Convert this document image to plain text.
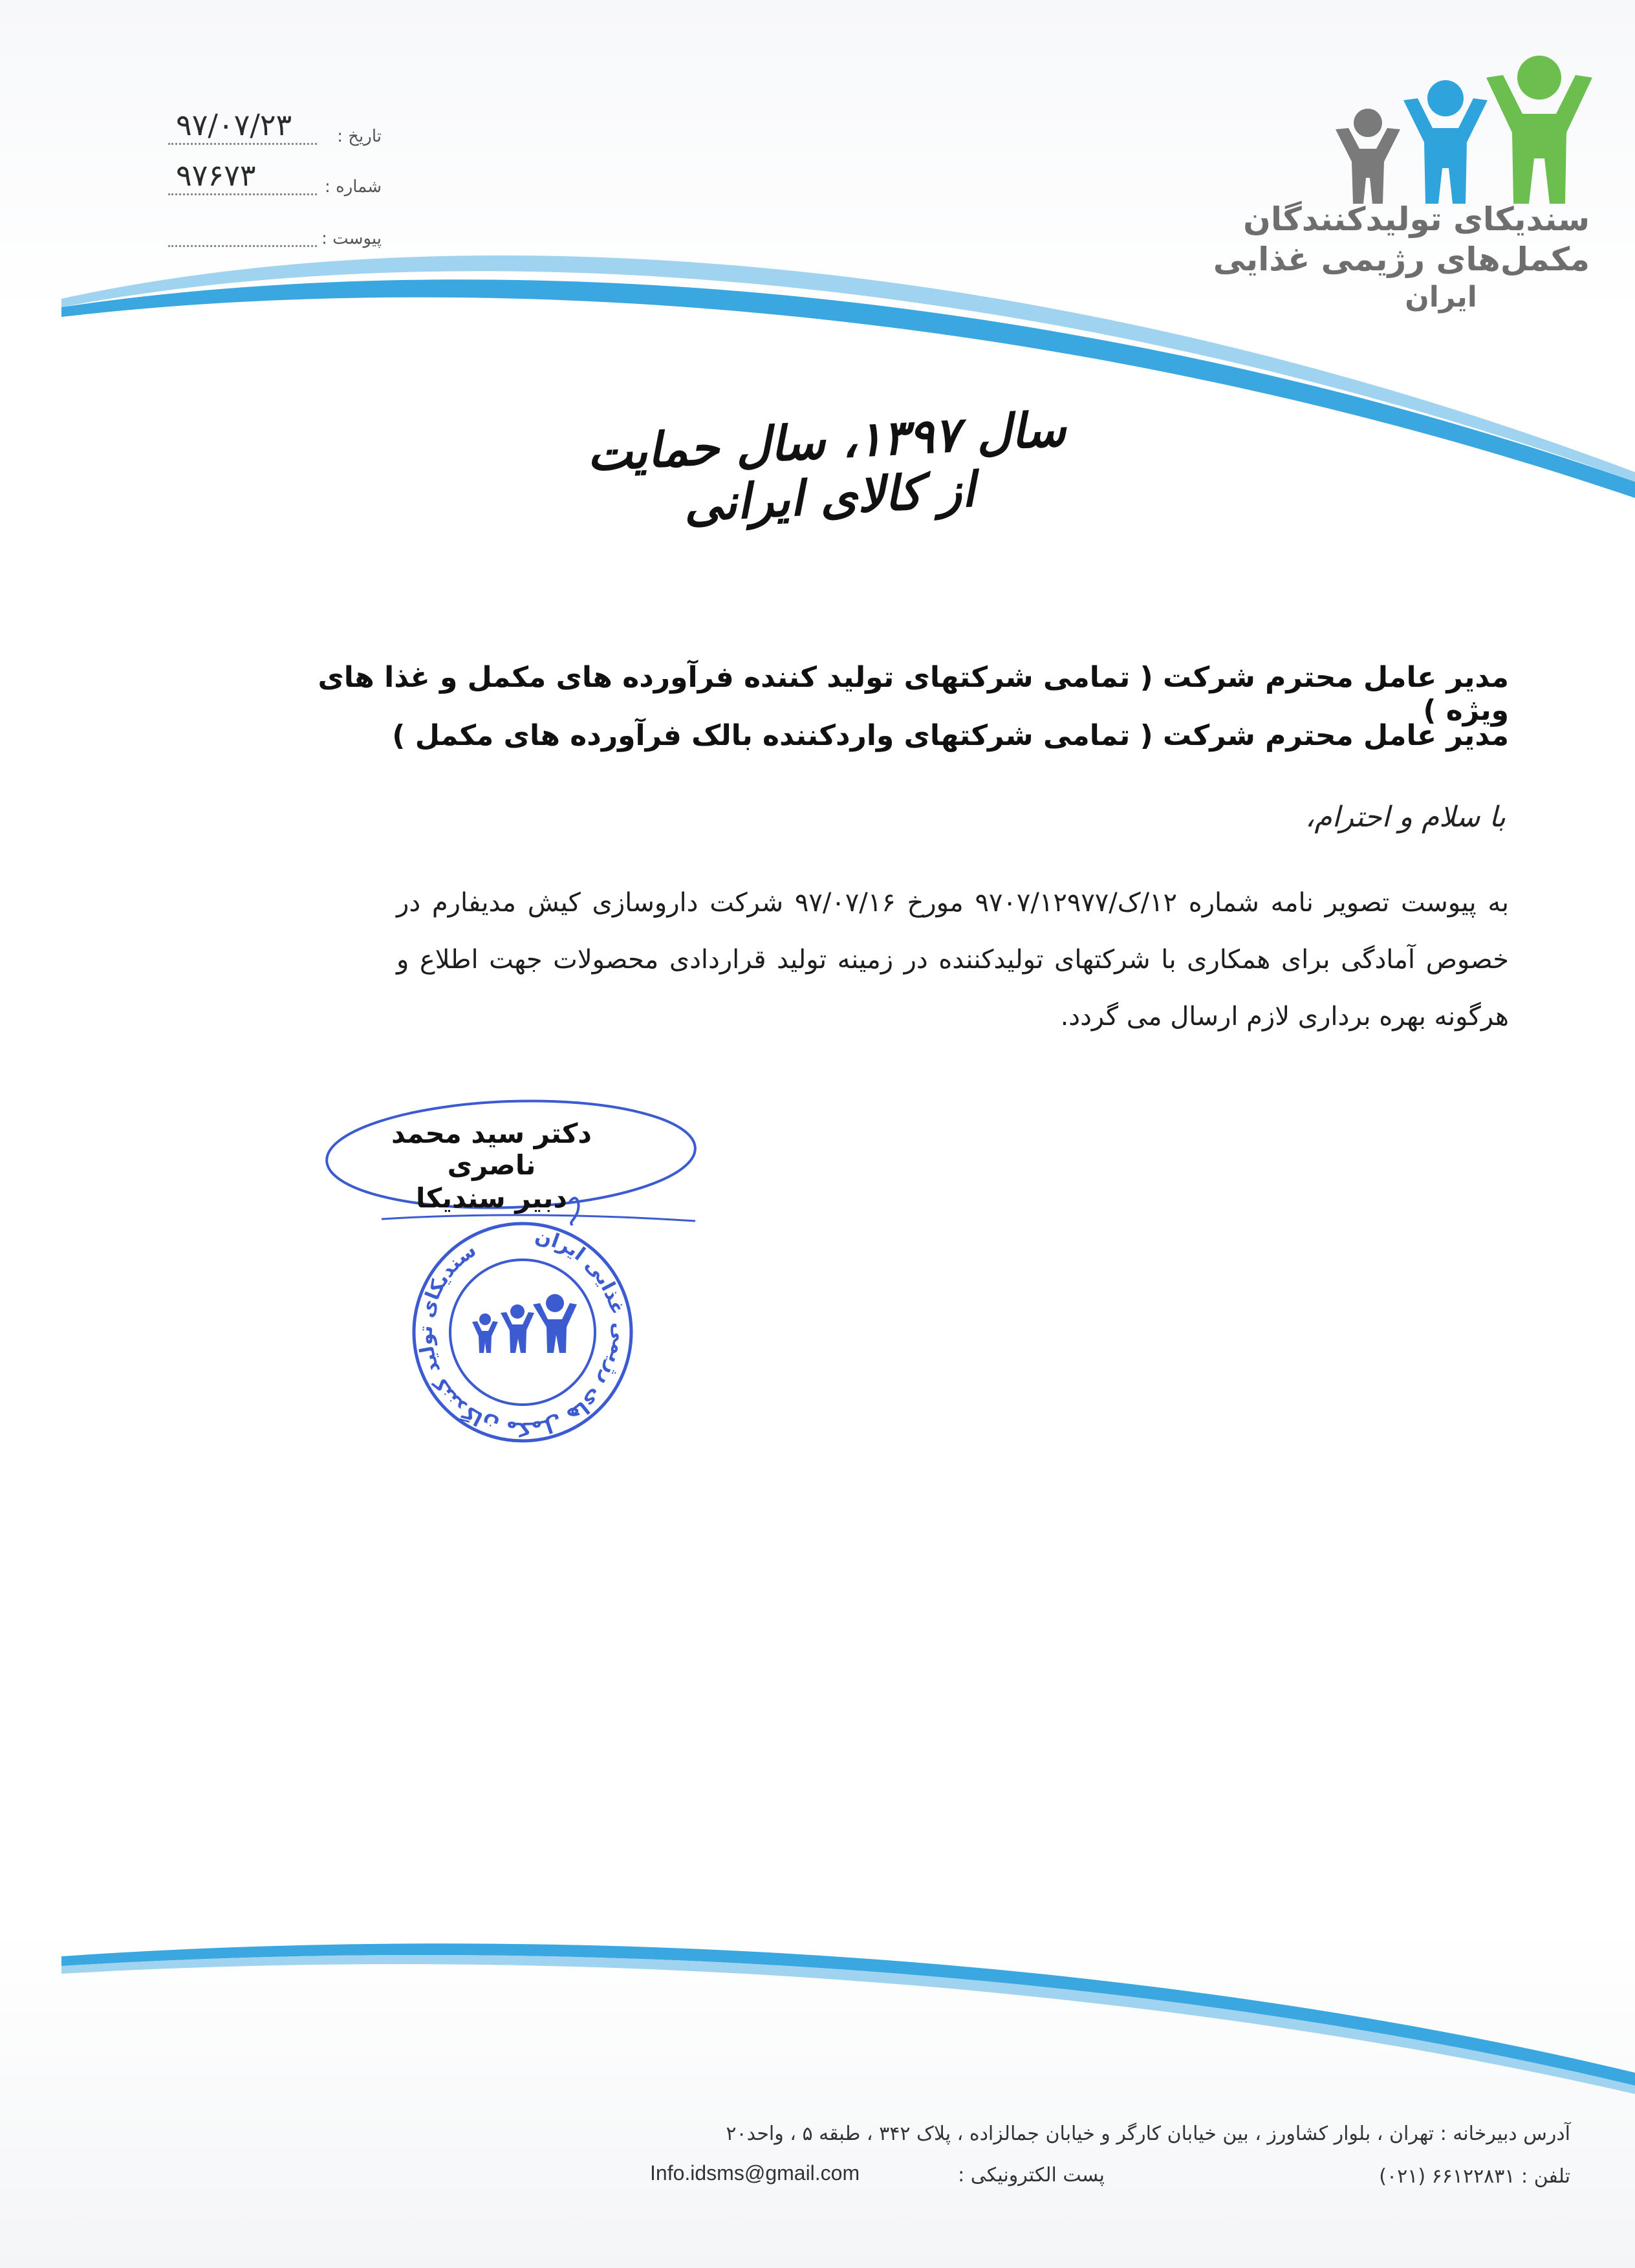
تاریخ :
۹۷/۰۷/۲۳
شماره :
۹۷۶۷۳
پیوست :
سندیکای تولیدکنندگان
مکمل‌های رژیمی غذایی
ایران
سال ۱۳۹۷، سال حمایت از کالای ایرانی
مدیر عامل محترم شرکت ( تمامی شرکتهای تولید کننده فرآورده های مکمل و غذا های ویژه )
مدیر عامل محترم شرکت ( تمامی شرکتهای واردکننده بالک فرآورده های مکمل )
با سلام و احترام،
به پیوست تصویر نامه شماره ۱۲/ک/۹۷۰۷/۱۲۹۷۷ مورخ ۹۷/۰۷/۱۶ شرکت داروسازی کیش مدیفارم در خصوص آمادگی برای همکاری با شرکتهای تولیدکننده در زمینه تولید قراردادی محصولات جهت اطلاع و هرگونه بهره برداری لازم ارسال می گردد.
دکتر سید محمد ناصری
دبیر سندیکا
سندیکای تولید کنندگان مکمل های رژیمی غذایی ایران
آدرس دبیرخانه : تهران ، بلوار کشاورز ، بین خیابان کارگر و خیابان جمالزاده ، پلاک ۳۴۲ ، طبقه ۵ ، واحد۲۰
تلفن : ۶۶۱۲۲۸۳۱ (۰۲۱)
پست الکترونیکی :
Info.idsms@gmail.com
